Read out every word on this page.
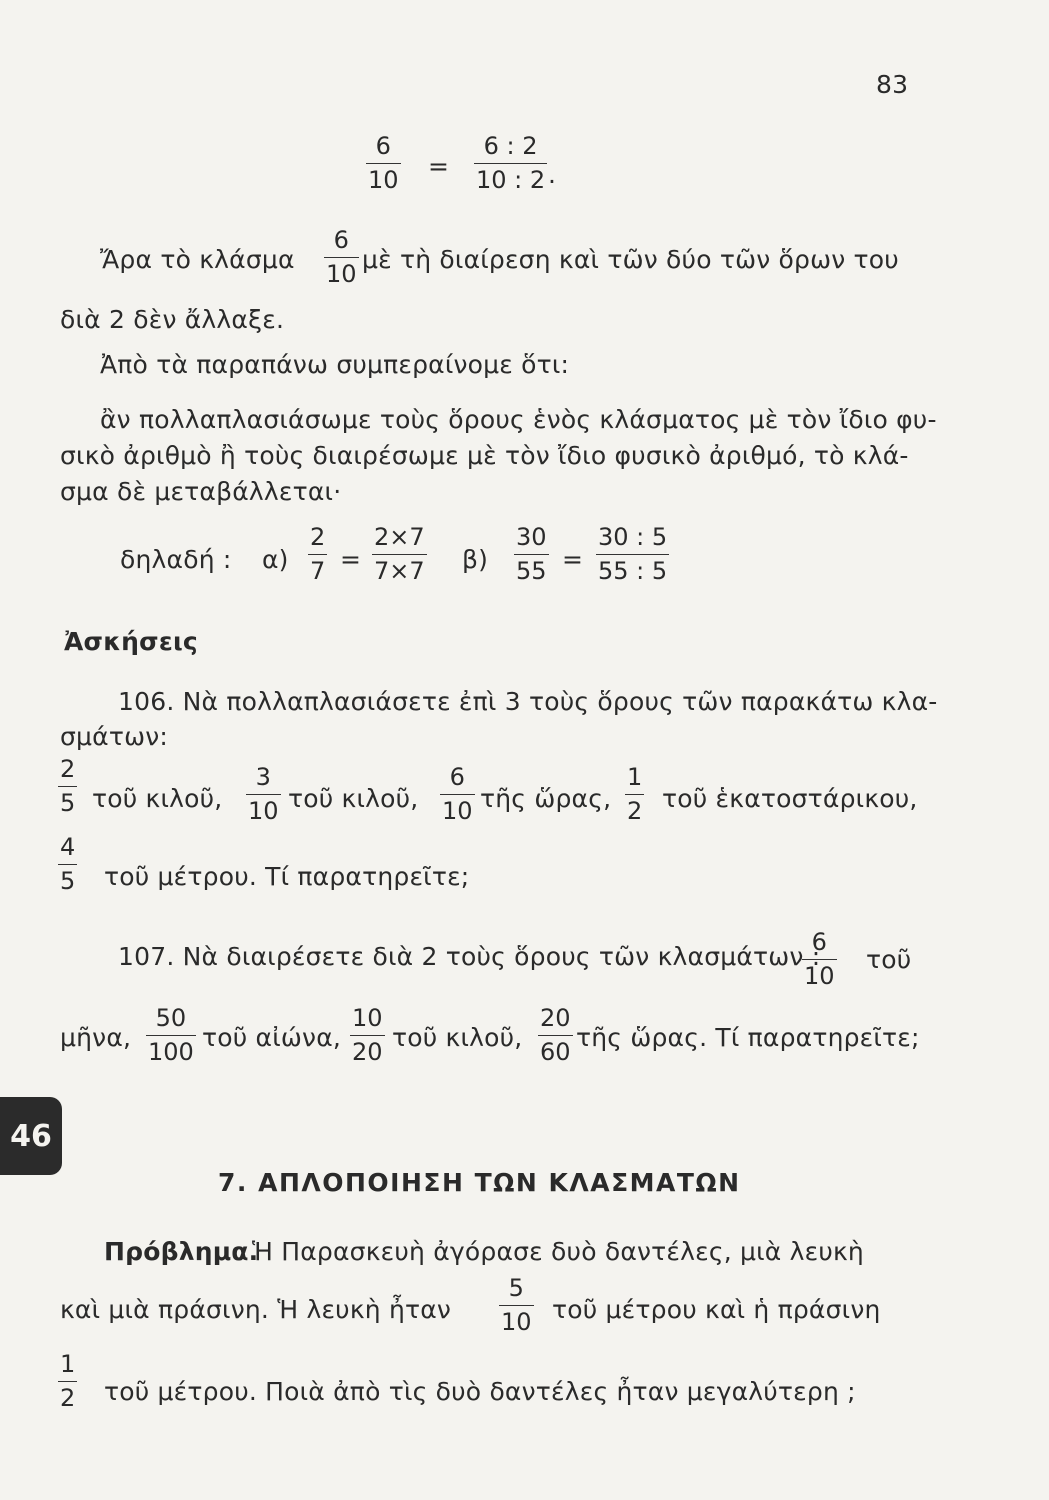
83
$\frac{6}{10} = \frac{6 : 2}{10 : 2}$ .
Ἄρα τὸ κλάσμα $\frac{6}{10}$ μὲ τὴ διαίρεση καὶ τῶν δύο τῶν ὅρων του
διὰ 2 δὲν ἄλλαξε.
Ἀπὸ τὰ παραπάνω συμπεραίνομε ὅτι:
ἂν πολλαπλασιάσωμε τοὺς ὅρους ἑνὸς κλάσματος μὲ τὸν ἴδιο φυ-
σικὸ ἀριθμὸ ἢ τοὺς διαιρέσωμε μὲ τὸν ἴδιο φυσικὸ ἀριθμό, τὸ κλά-
σμα δὲ μεταβάλλεται·
δηλαδή : $\alpha) \frac{2}{7} = \frac{2\times 7}{7\times 7} \beta) \frac{30}{55} = \frac{30 : 5}{55 : 5}$
Ἀσκήσεις
106. Νὰ πολλαπλασιάσετε ἐπὶ 3 τοὺς ὅρους τῶν παρακάτω κλα-
σμάτων:
$\frac{2}{5}$ τοῦ κιλοῦ, $\frac{3}{10}$ τοῦ κιλοῦ, $\frac{6}{10}$ τῆς ὥρας, $\frac{1}{2}$ τοῦ ἑκατοστάρικου,
$\frac{4}{5}$ τοῦ μέτρου. Τί παρατηρεῖτε;
107. Νὰ διαιρέσετε διὰ 2 τοὺς ὅρους τῶν κλασμάτων :
$\frac{6}{10}$ τοῦ
μῆνα, $\frac{50}{100}$ τοῦ αἰώνα, $\frac{10}{20}$ τοῦ κιλοῦ, $\frac{20}{60}$ τῆς ὥρας. Τί παρατηρεῖτε;
46
7. ΑΠΛΟΠΟΙΗΣΗ ΤΩΝ ΚΛΑΣΜΑΤΩΝ
Πρόβλημα.
Ἡ Παρασκευὴ ἀγόρασε δυὸ δαντέλες, μιὰ λευκὴ
καὶ μιὰ πράσινη. Ἡ λευκὴ ἦταν $\frac{5}{10}$ τοῦ μέτρου καὶ ἡ πράσινη
$\frac{1}{2}$ τοῦ μέτρου. Ποιὰ ἀπὸ τὶς δυὸ δαντέλες ἦταν μεγαλύτερη ;
